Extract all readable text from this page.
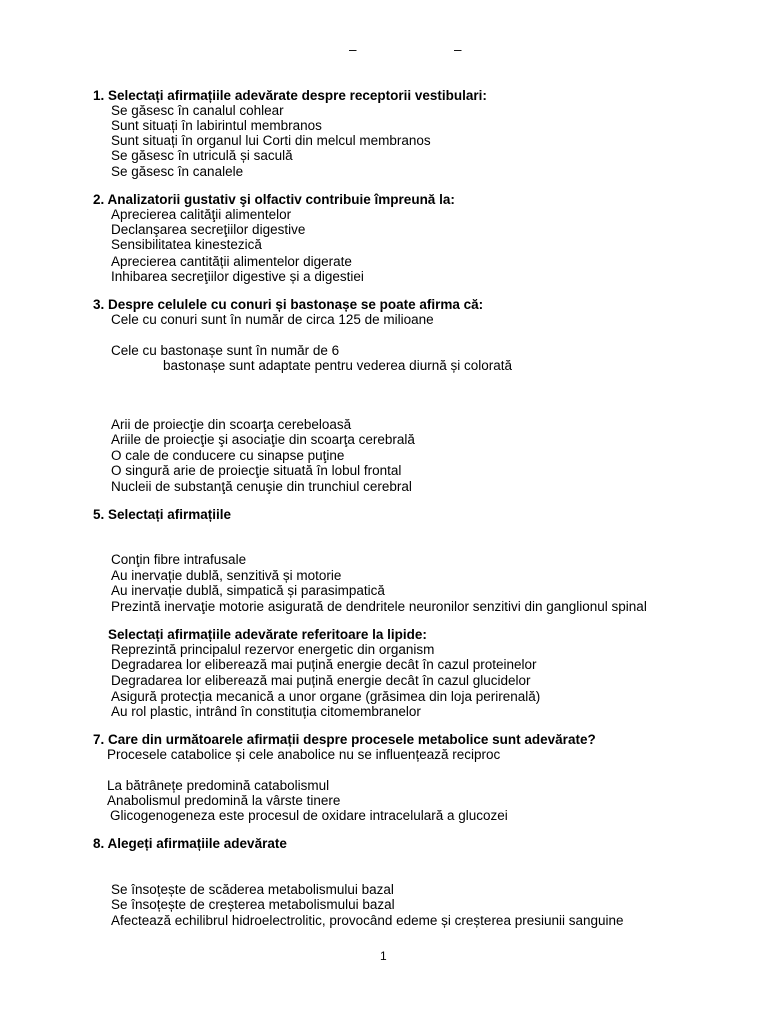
–	–
1. Selectați afirmațiile adevărate despre receptorii vestibulari:
Se găsesc în canalul cohlear
Sunt situați în labirintul membranos
Sunt situați în organul lui Corti din melcul membranos
Se găsesc în utriculă și saculă
Se găsesc în canalele
2. Analizatorii gustativ şi olfactiv contribuie împreună la:
Aprecierea calităţii alimentelor
Declanşarea secreţiilor digestive
Sensibilitatea kinestezică
Aprecierea cantității alimentelor digerate
Inhibarea secreţiilor digestive și a digestiei
3. Despre celulele cu conuri și bastonașe se poate afirma că:
Cele cu conuri sunt în număr de circa 125 de milioane
Cele cu bastonașe sunt în număr de 6
bastonașe sunt adaptate pentru vederea diurnă și colorată
Arii de proiecţie din scoarţa cerebeloasă
Ariile de proiecţie şi asociaţie din scoarţa cerebrală
O cale de conducere cu sinapse puţine
O singură arie de proiecţie situată în lobul frontal
Nucleii de substanţă cenuşie din trunchiul cerebral
5. Selectați afirmațiile
Conţin fibre intrafusale
Au inervație dublă, senzitivă și motorie
Au inervație dublă, simpatică și parasimpatică
Prezintă inervaţie motorie asigurată de dendritele neuronilor senzitivi din ganglionul spinal
Selectați afirmațiile adevărate referitoare la lipide:
Reprezintă principalul rezervor energetic din organism
Degradarea lor eliberează mai puțină energie decât în cazul proteinelor
Degradarea lor eliberează mai puțină energie decât în cazul glucidelor
Asigură protecția mecanică a unor organe (grăsimea din loja perirenală)
Au rol plastic, intrând în constituția citomembranelor
7. Care din următoarele afirmații despre procesele metabolice sunt adevărate?
Procesele catabolice și cele anabolice nu se influențează reciproc
La bătrânețe predomină catabolismul
Anabolismul predomină la vârste tinere
Glicogenogeneza este procesul de oxidare intracelulară a glucozei
8. Alegeți afirmațiile adevărate
Se însoțește de scăderea metabolismului bazal
Se însoțește de creșterea metabolismului bazal
Afectează echilibrul hidroelectrolitic, provocând edeme și creșterea presiunii sanguine
1
